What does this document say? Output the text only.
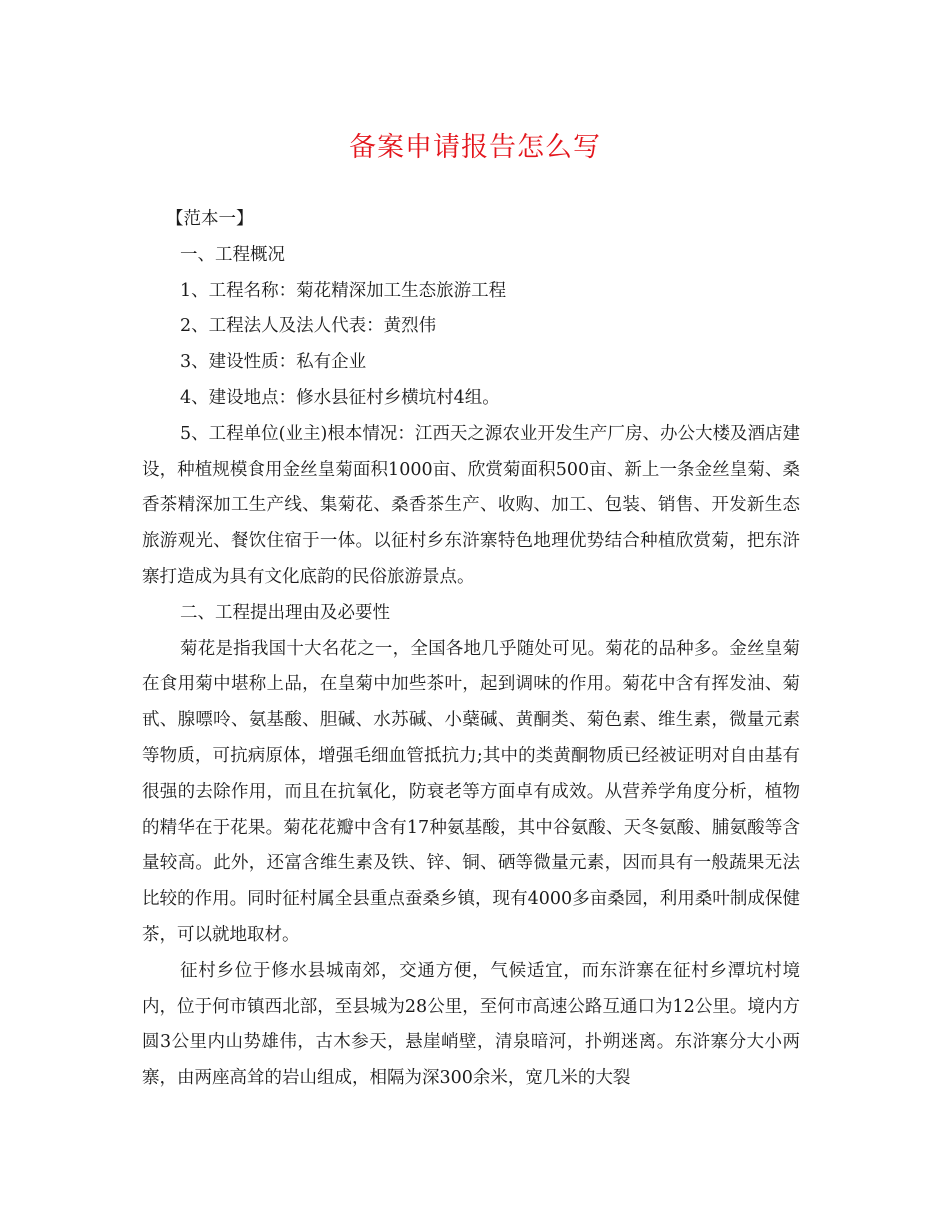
备案申请报告怎么写

【范本一】

一、工程概况

1、工程名称：菊花精深加工生态旅游工程

2、工程法人及法人代表：黄烈伟

3、建设性质：私有企业

4、建设地点：修水县征村乡横坑村4组。

5、工程单位(业主)根本情况：江西天之源农业开发生产厂房、办公大楼及酒店建设，种植规模食用金丝皇菊面积1000亩、欣赏菊面积500亩、新上一条金丝皇菊、桑香茶精深加工生产线、集菊花、桑香茶生产、收购、加工、包装、销售、开发新生态旅游观光、餐饮住宿于一体。以征村乡东浒寨特色地理优势结合种植欣赏菊，把东浒寨打造成为具有文化底韵的民俗旅游景点。

二、工程提出理由及必要性

菊花是指我国十大名花之一，全国各地几乎随处可见。菊花的品种多。金丝皇菊在食用菊中堪称上品，在皇菊中加些茶叶，起到调味的作用。菊花中含有挥发油、菊甙、腺嘌呤、氨基酸、胆碱、水苏碱、小蘖碱、黄酮类、菊色素、维生素，微量元素等物质，可抗病原体，增强毛细血管抵抗力;其中的类黄酮物质已经被证明对自由基有很强的去除作用，而且在抗氧化，防衰老等方面卓有成效。从营养学角度分析，植物的精华在于花果。菊花花瓣中含有17种氨基酸，其中谷氨酸、天冬氨酸、脯氨酸等含量较高。此外，还富含维生素及铁、锌、铜、硒等微量元素，因而具有一般蔬果无法比较的作用。同时征村属全县重点蚕桑乡镇，现有4000多亩桑园，利用桑叶制成保健茶，可以就地取材。

征村乡位于修水县城南郊，交通方便，气候适宜，而东浒寨在征村乡潭坑村境内，位于何市镇西北部，至县城为28公里，至何市高速公路互通口为12公里。境内方圆3公里内山势雄伟，古木参天，悬崖峭壁，清泉暗河，扑朔迷离。东浒寨分大小两寨，由两座高耸的岩山组成，相隔为深300余米，宽几米的大裂
